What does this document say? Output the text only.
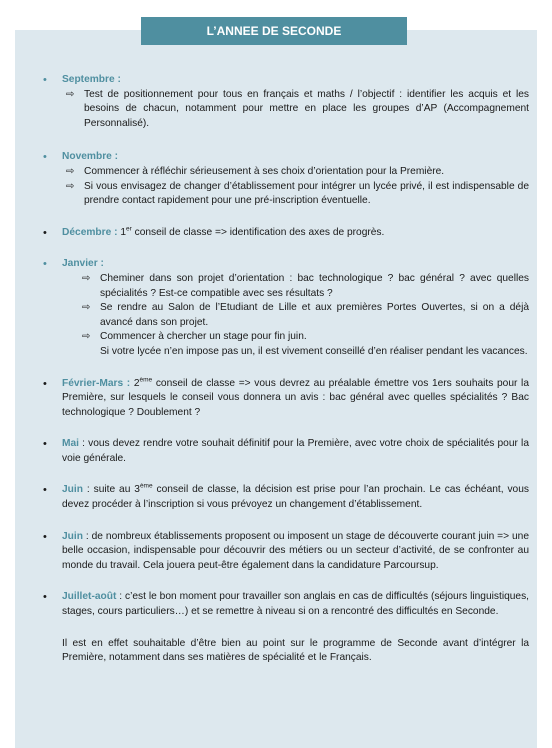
L’ANNEE DE SECONDE
• Septembre :
⇨ Test de positionnement pour tous en français et maths / l’objectif : identifier les acquis et les besoins de chacun, notamment pour mettre en place les groupes d’AP (Accompagnement Personnalisé).
• Novembre :
⇨ Commencer à réfléchir sérieusement à ses choix d’orientation pour la Première.
⇨ Si vous envisagez de changer d’établissement pour intégrer un lycée privé, il est indispensable de prendre contact rapidement pour une pré-inscription éventuelle.
• Décembre : 1er conseil de classe => identification des axes de progrès.
• Janvier :
⇨ Cheminer dans son projet d’orientation : bac technologique ? bac général ? avec quelles spécialités ? Est-ce compatible avec ses résultats ?
⇨ Se rendre au Salon de l’Etudiant de Lille et aux premières Portes Ouvertes, si on a déjà avancé dans son projet.
⇨ Commencer à chercher un stage pour fin juin.
Si votre lycée n’en impose pas un, il est vivement conseillé d’en réaliser pendant les vacances.
• Février-Mars : 2ème conseil de classe => vous devrez au préalable émettre vos 1ers souhaits pour la Première, sur lesquels le conseil vous donnera un avis : bac général avec quelles spécialités ? Bac technologique ? Doublement ?
• Mai : vous devez rendre votre souhait définitif pour la Première, avec votre choix de spécialités pour la voie générale.
• Juin : suite au 3ème conseil de classe, la décision est prise pour l’an prochain. Le cas échéant, vous devez procéder à l’inscription si vous prévoyez un changement d’établissement.
• Juin : de nombreux établissements proposent ou imposent un stage de découverte courant juin => une belle occasion, indispensable pour découvrir des métiers ou un secteur d’activité, de se confronter au monde du travail. Cela jouera peut-être également dans la candidature Parcoursup.
• Juillet-août : c’est le bon moment pour travailler son anglais en cas de difficultés (séjours linguistiques, stages, cours particuliers…) et se remettre à niveau si on a rencontré des difficultés en Seconde.
Il est en effet souhaitable d’être bien au point sur le programme de Seconde avant d’intégrer la Première, notamment dans ses matières de spécialité et le Français.
